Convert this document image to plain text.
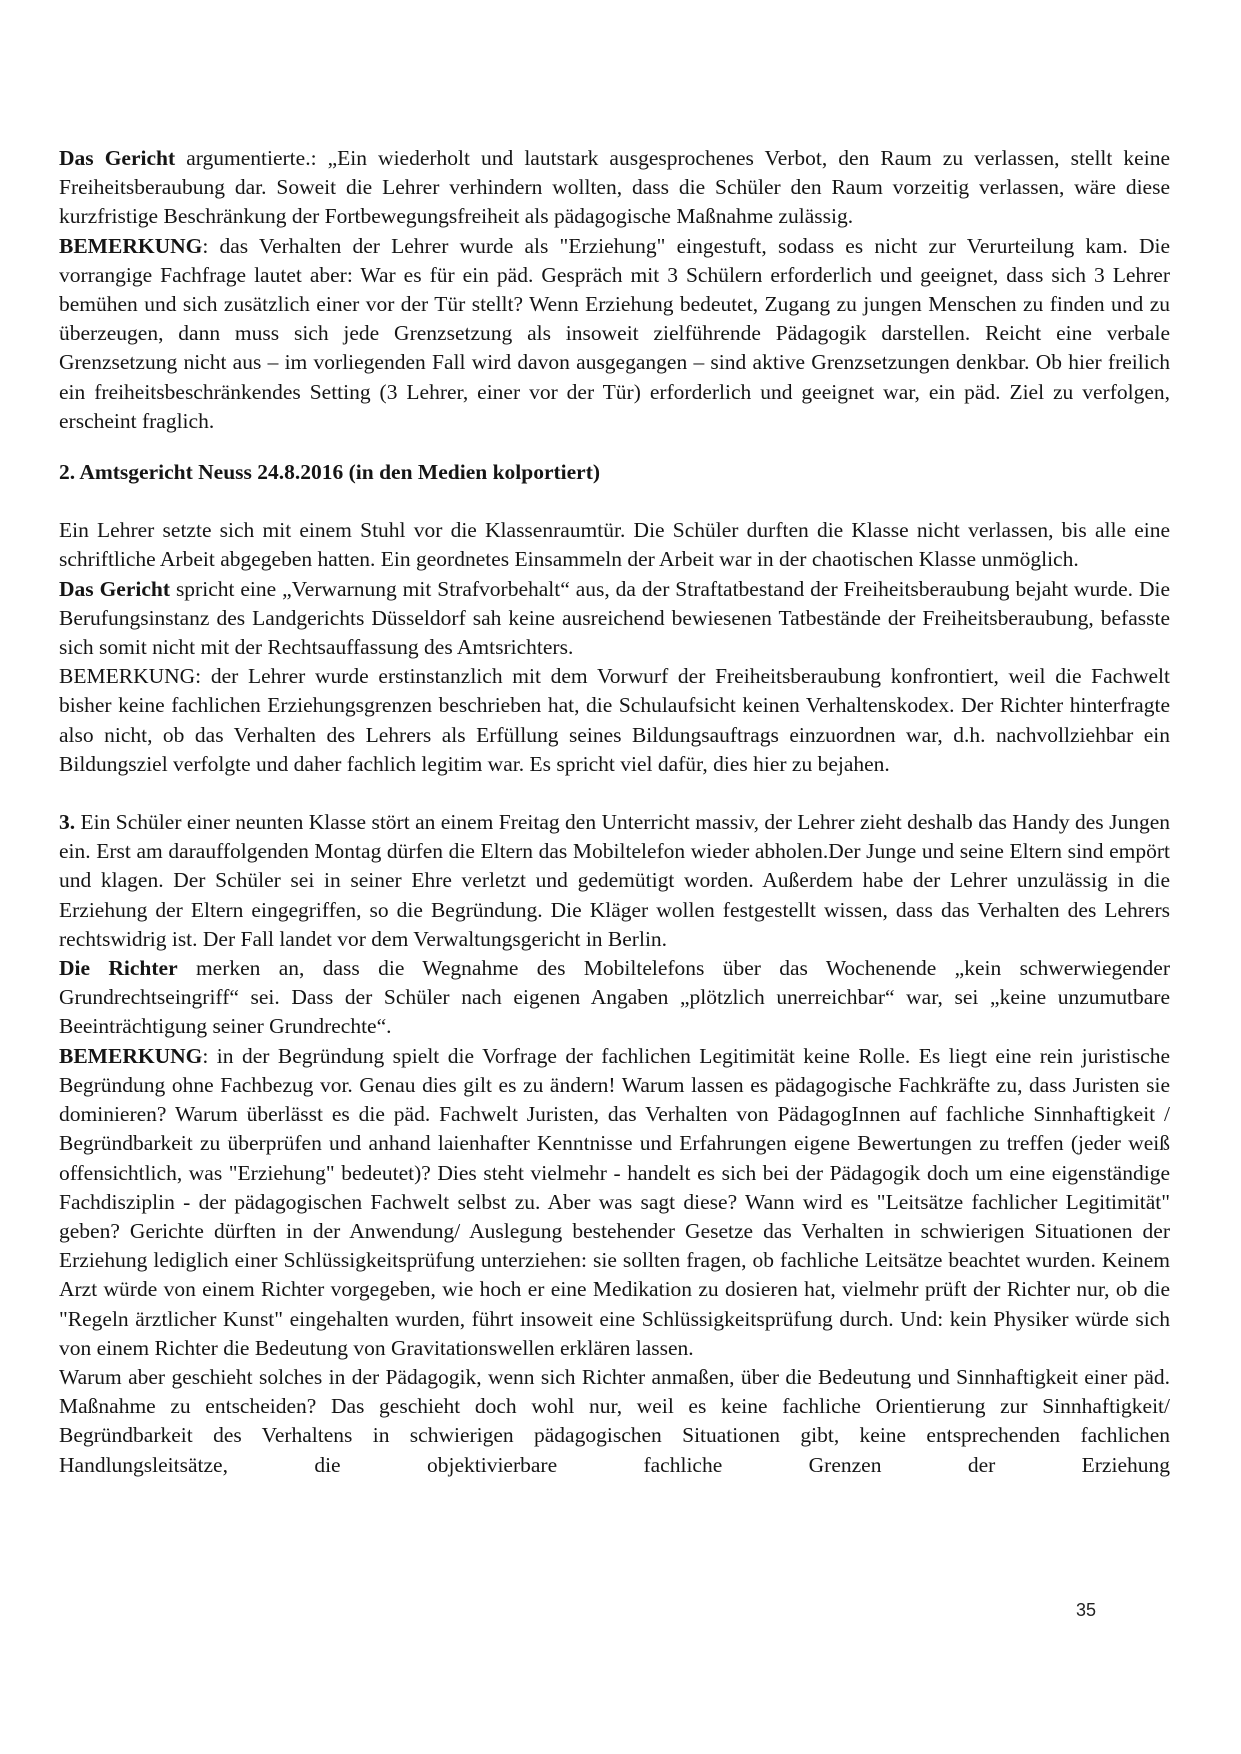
Das Gericht argumentierte.: „Ein wiederholt und lautstark ausgesprochenes Verbot, den Raum zu verlassen, stellt keine Freiheitsberaubung dar. Soweit die Lehrer verhindern wollten, dass die Schüler den Raum vorzeitig verlassen, wäre diese kurzfristige Beschränkung der Fortbewegungsfreiheit als pädagogische Maßnahme zulässig.

BEMERKUNG: das Verhalten der Lehrer wurde als "Erziehung" eingestuft, sodass es nicht zur Verurteilung kam. Die vorrangige Fachfrage lautet aber: War es für ein päd. Gespräch mit 3 Schülern erforderlich und geeignet, dass sich 3 Lehrer bemühen und sich zusätzlich einer vor der Tür stellt? Wenn Erziehung bedeutet, Zugang zu jungen Menschen zu finden und zu überzeugen, dann muss sich jede Grenzsetzung als insoweit zielführende Pädagogik darstellen. Reicht eine verbale Grenzsetzung nicht aus – im vorliegenden Fall wird davon ausgegangen – sind aktive Grenzsetzungen denkbar. Ob hier freilich ein freiheitsbeschränkendes Setting (3 Lehrer, einer vor der Tür) erforderlich und geeignet war, ein päd. Ziel zu verfolgen, erscheint fraglich.

2. Amtsgericht Neuss 24.8.2016 (in den Medien kolportiert)

Ein Lehrer setzte sich mit einem Stuhl vor die Klassenraumtür. Die Schüler durften die Klasse nicht verlassen, bis alle eine schriftliche Arbeit abgegeben hatten. Ein geordnetes Einsammeln der Arbeit war in der chaotischen Klasse unmöglich.

Das Gericht spricht eine „Verwarnung mit Strafvorbehalt“ aus, da der Straftatbestand der Freiheitsberaubung bejaht wurde. Die Berufungsinstanz des Landgerichts Düsseldorf sah keine ausreichend bewiesenen Tatbestände der Freiheitsberaubung, befasste sich somit nicht mit der Rechtsauffassung des Amtsrichters.

BEMERKUNG: der Lehrer wurde erstinstanzlich mit dem Vorwurf der Freiheitsberaubung konfrontiert, weil die Fachwelt bisher keine fachlichen Erziehungsgrenzen beschrieben hat, die Schulaufsicht keinen Verhaltenskodex. Der Richter hinterfragte also nicht, ob das Verhalten des Lehrers als Erfüllung seines Bildungsauftrags einzuordnen war, d.h. nachvollziehbar ein Bildungsziel verfolgte und daher fachlich legitim war. Es spricht viel dafür, dies hier zu bejahen.

3. Ein Schüler einer neunten Klasse stört an einem Freitag den Unterricht massiv, der Lehrer zieht deshalb das Handy des Jungen ein. Erst am darauffolgenden Montag dürfen die Eltern das Mobiltelefon wieder abholen.Der Junge und seine Eltern sind empört und klagen. Der Schüler sei in seiner Ehre verletzt und gedemütigt worden. Außerdem habe der Lehrer unzulässig in die Erziehung der Eltern eingegriffen, so die Begründung. Die Kläger wollen festgestellt wissen, dass das Verhalten des Lehrers rechtswidrig ist. Der Fall landet vor dem Verwaltungsgericht in Berlin.

Die Richter merken an, dass die Wegnahme des Mobiltelefons über das Wochenende „kein schwerwiegender Grundrechtseingriff“ sei. Dass der Schüler nach eigenen Angaben „plötzlich unerreichbar“ war, sei „keine unzumutbare Beeinträchtigung seiner Grundrechte“.

BEMERKUNG: in der Begründung spielt die Vorfrage der fachlichen Legitimität keine Rolle. Es liegt eine rein juristische Begründung ohne Fachbezug vor. Genau dies gilt es zu ändern! Warum lassen es pädagogische Fachkräfte zu, dass Juristen sie dominieren? Warum überlässt es die päd. Fachwelt Juristen, das Verhalten von PädagogInnen auf fachliche Sinnhaftigkeit / Begründbarkeit zu überprüfen und anhand laienhafter Kenntnisse und Erfahrungen eigene Bewertungen zu treffen (jeder weiß offensichtlich, was "Erziehung" bedeutet)? Dies steht vielmehr - handelt es sich bei der Pädagogik doch um eine eigenständige Fachdisziplin - der pädagogischen Fachwelt selbst zu. Aber was sagt diese? Wann wird es "Leitsätze fachlicher Legitimität" geben? Gerichte dürften in der Anwendung/ Auslegung bestehender Gesetze das Verhalten in schwierigen Situationen der Erziehung lediglich einer Schlüssigkeitsprüfung unterziehen: sie sollten fragen, ob fachliche Leitsätze beachtet wurden. Keinem Arzt würde von einem Richter vorgegeben, wie hoch er eine Medikation zu dosieren hat, vielmehr prüft der Richter nur, ob die "Regeln ärztlicher Kunst" eingehalten wurden, führt insoweit eine Schlüssigkeitsprüfung durch. Und: kein Physiker würde sich von einem Richter die Bedeutung von Gravitationswellen erklären lassen.

Warum aber geschieht solches in der Pädagogik, wenn sich Richter anmaßen, über die Bedeutung und Sinnhaftigkeit einer päd. Maßnahme zu entscheiden? Das geschieht doch wohl nur, weil es keine fachliche Orientierung zur Sinnhaftigkeit/ Begründbarkeit des Verhaltens in schwierigen pädagogischen Situationen gibt, keine entsprechenden fachlichen Handlungsleitsätze, die objektivierbare fachliche Grenzen der Erziehung

35
